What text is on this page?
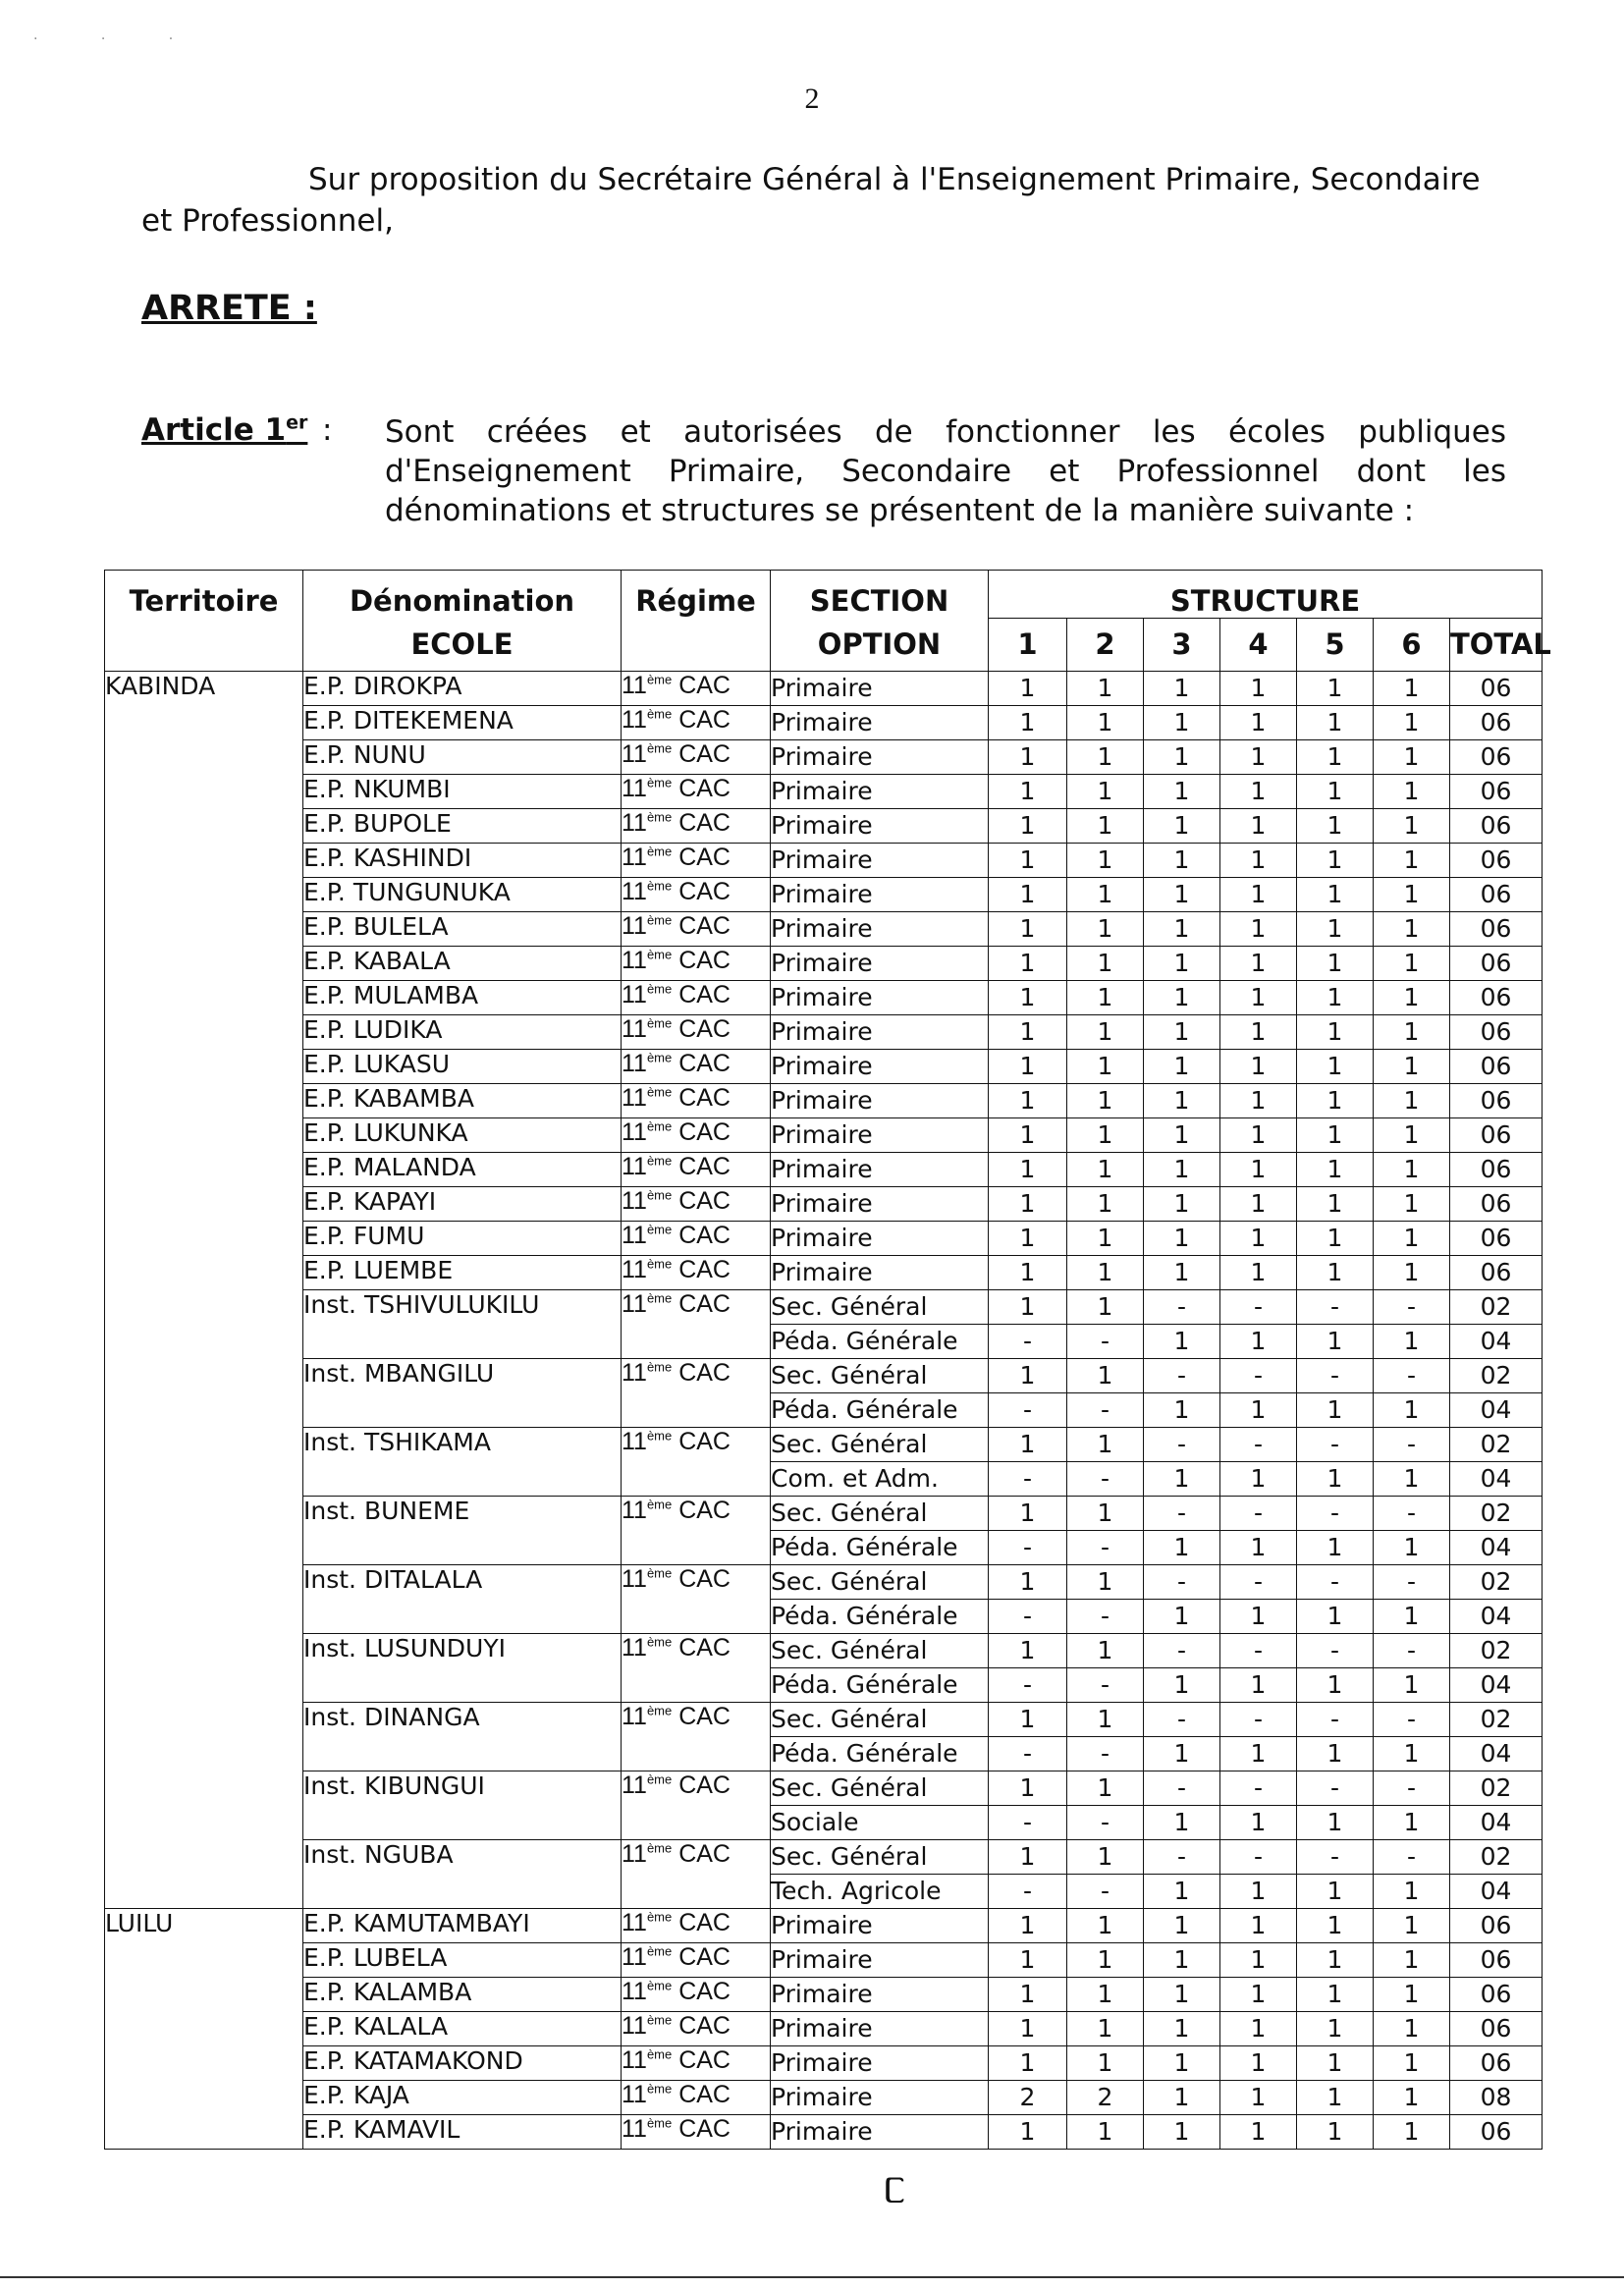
· · ·
2
Sur proposition du Secrétaire Général à l'Enseignement Primaire, Secondaire et Professionnel,
ARRETE :
Article 1er : Sont créées et autorisées de fonctionner les écoles publiques d'Enseignement Primaire, Secondaire et Professionnel dont les dénominations et structures se présentent de la manière suivante :
Territoire	Dénomination	Régime	SECTION	STRUCTURE						
	ECOLE		OPTION	1	2	3	4	5	6	TOTAL
KABINDA	E.P. DIROKPA	11ème CAC	Primaire	1	1	1	1	1	1	06
	E.P. DITEKEMENA	11ème CAC	Primaire	1	1	1	1	1	1	06
	E.P. NUNU	11ème CAC	Primaire	1	1	1	1	1	1	06
	E.P. NKUMBI	11ème CAC	Primaire	1	1	1	1	1	1	06
	E.P. BUPOLE	11ème CAC	Primaire	1	1	1	1	1	1	06
	E.P. KASHINDI	11ème CAC	Primaire	1	1	1	1	1	1	06
	E.P. TUNGUNUKA	11ème CAC	Primaire	1	1	1	1	1	1	06
	E.P. BULELA	11ème CAC	Primaire	1	1	1	1	1	1	06
	E.P. KABALA	11ème CAC	Primaire	1	1	1	1	1	1	06
	E.P. MULAMBA	11ème CAC	Primaire	1	1	1	1	1	1	06
	E.P. LUDIKA	11ème CAC	Primaire	1	1	1	1	1	1	06
	E.P. LUKASU	11ème CAC	Primaire	1	1	1	1	1	1	06
	E.P. KABAMBA	11ème CAC	Primaire	1	1	1	1	1	1	06
	E.P. LUKUNKA	11ème CAC	Primaire	1	1	1	1	1	1	06
	E.P. MALANDA	11ème CAC	Primaire	1	1	1	1	1	1	06
	E.P. KAPAYI	11ème CAC	Primaire	1	1	1	1	1	1	06
	E.P. FUMU	11ème CAC	Primaire	1	1	1	1	1	1	06
	E.P. LUEMBE	11ème CAC	Primaire	1	1	1	1	1	1	06
	Inst. TSHIVULUKILU	11ème CAC	Sec. Général	1	1	-	-	-	-	02
			Péda. Générale	-	-	1	1	1	1	04
	Inst. MBANGILU	11ème CAC	Sec. Général	1	1	-	-	-	-	02
			Péda. Générale	-	-	1	1	1	1	04
	Inst. TSHIKAMA	11ème CAC	Sec. Général	1	1	-	-	-	-	02
			Com. et Adm.	-	-	1	1	1	1	04
	Inst. BUNEME	11ème CAC	Sec. Général	1	1	-	-	-	-	02
			Péda. Générale	-	-	1	1	1	1	04
	Inst. DITALALA	11ème CAC	Sec. Général	1	1	-	-	-	-	02
			Péda. Générale	-	-	1	1	1	1	04
	Inst. LUSUNDUYI	11ème CAC	Sec. Général	1	1	-	-	-	-	02
			Péda. Générale	-	-	1	1	1	1	04
	Inst. DINANGA	11ème CAC	Sec. Général	1	1	-	-	-	-	02
			Péda. Générale	-	-	1	1	1	1	04
	Inst. KIBUNGUI	11ème CAC	Sec. Général	1	1	-	-	-	-	02
			Sociale	-	-	1	1	1	1	04
	Inst. NGUBA	11ème CAC	Sec. Général	1	1	-	-	-	-	02
			Tech. Agricole	-	-	1	1	1	1	04
LUILU	E.P. KAMUTAMBAYI	11ème CAC	Primaire	1	1	1	1	1	1	06
	E.P. LUBELA	11ème CAC	Primaire	1	1	1	1	1	1	06
	E.P. KALAMBA	11ème CAC	Primaire	1	1	1	1	1	1	06
	E.P. KALALA	11ème CAC	Primaire	1	1	1	1	1	1	06
	E.P. KATAMAKOND	11ème CAC	Primaire	1	1	1	1	1	1	06
	E.P. KAJA	11ème CAC	Primaire	2	2	1	1	1	1	08
	E.P. KAMAVIL	11ème CAC	Primaire	1	1	1	1	1	1	06
ᥴ
